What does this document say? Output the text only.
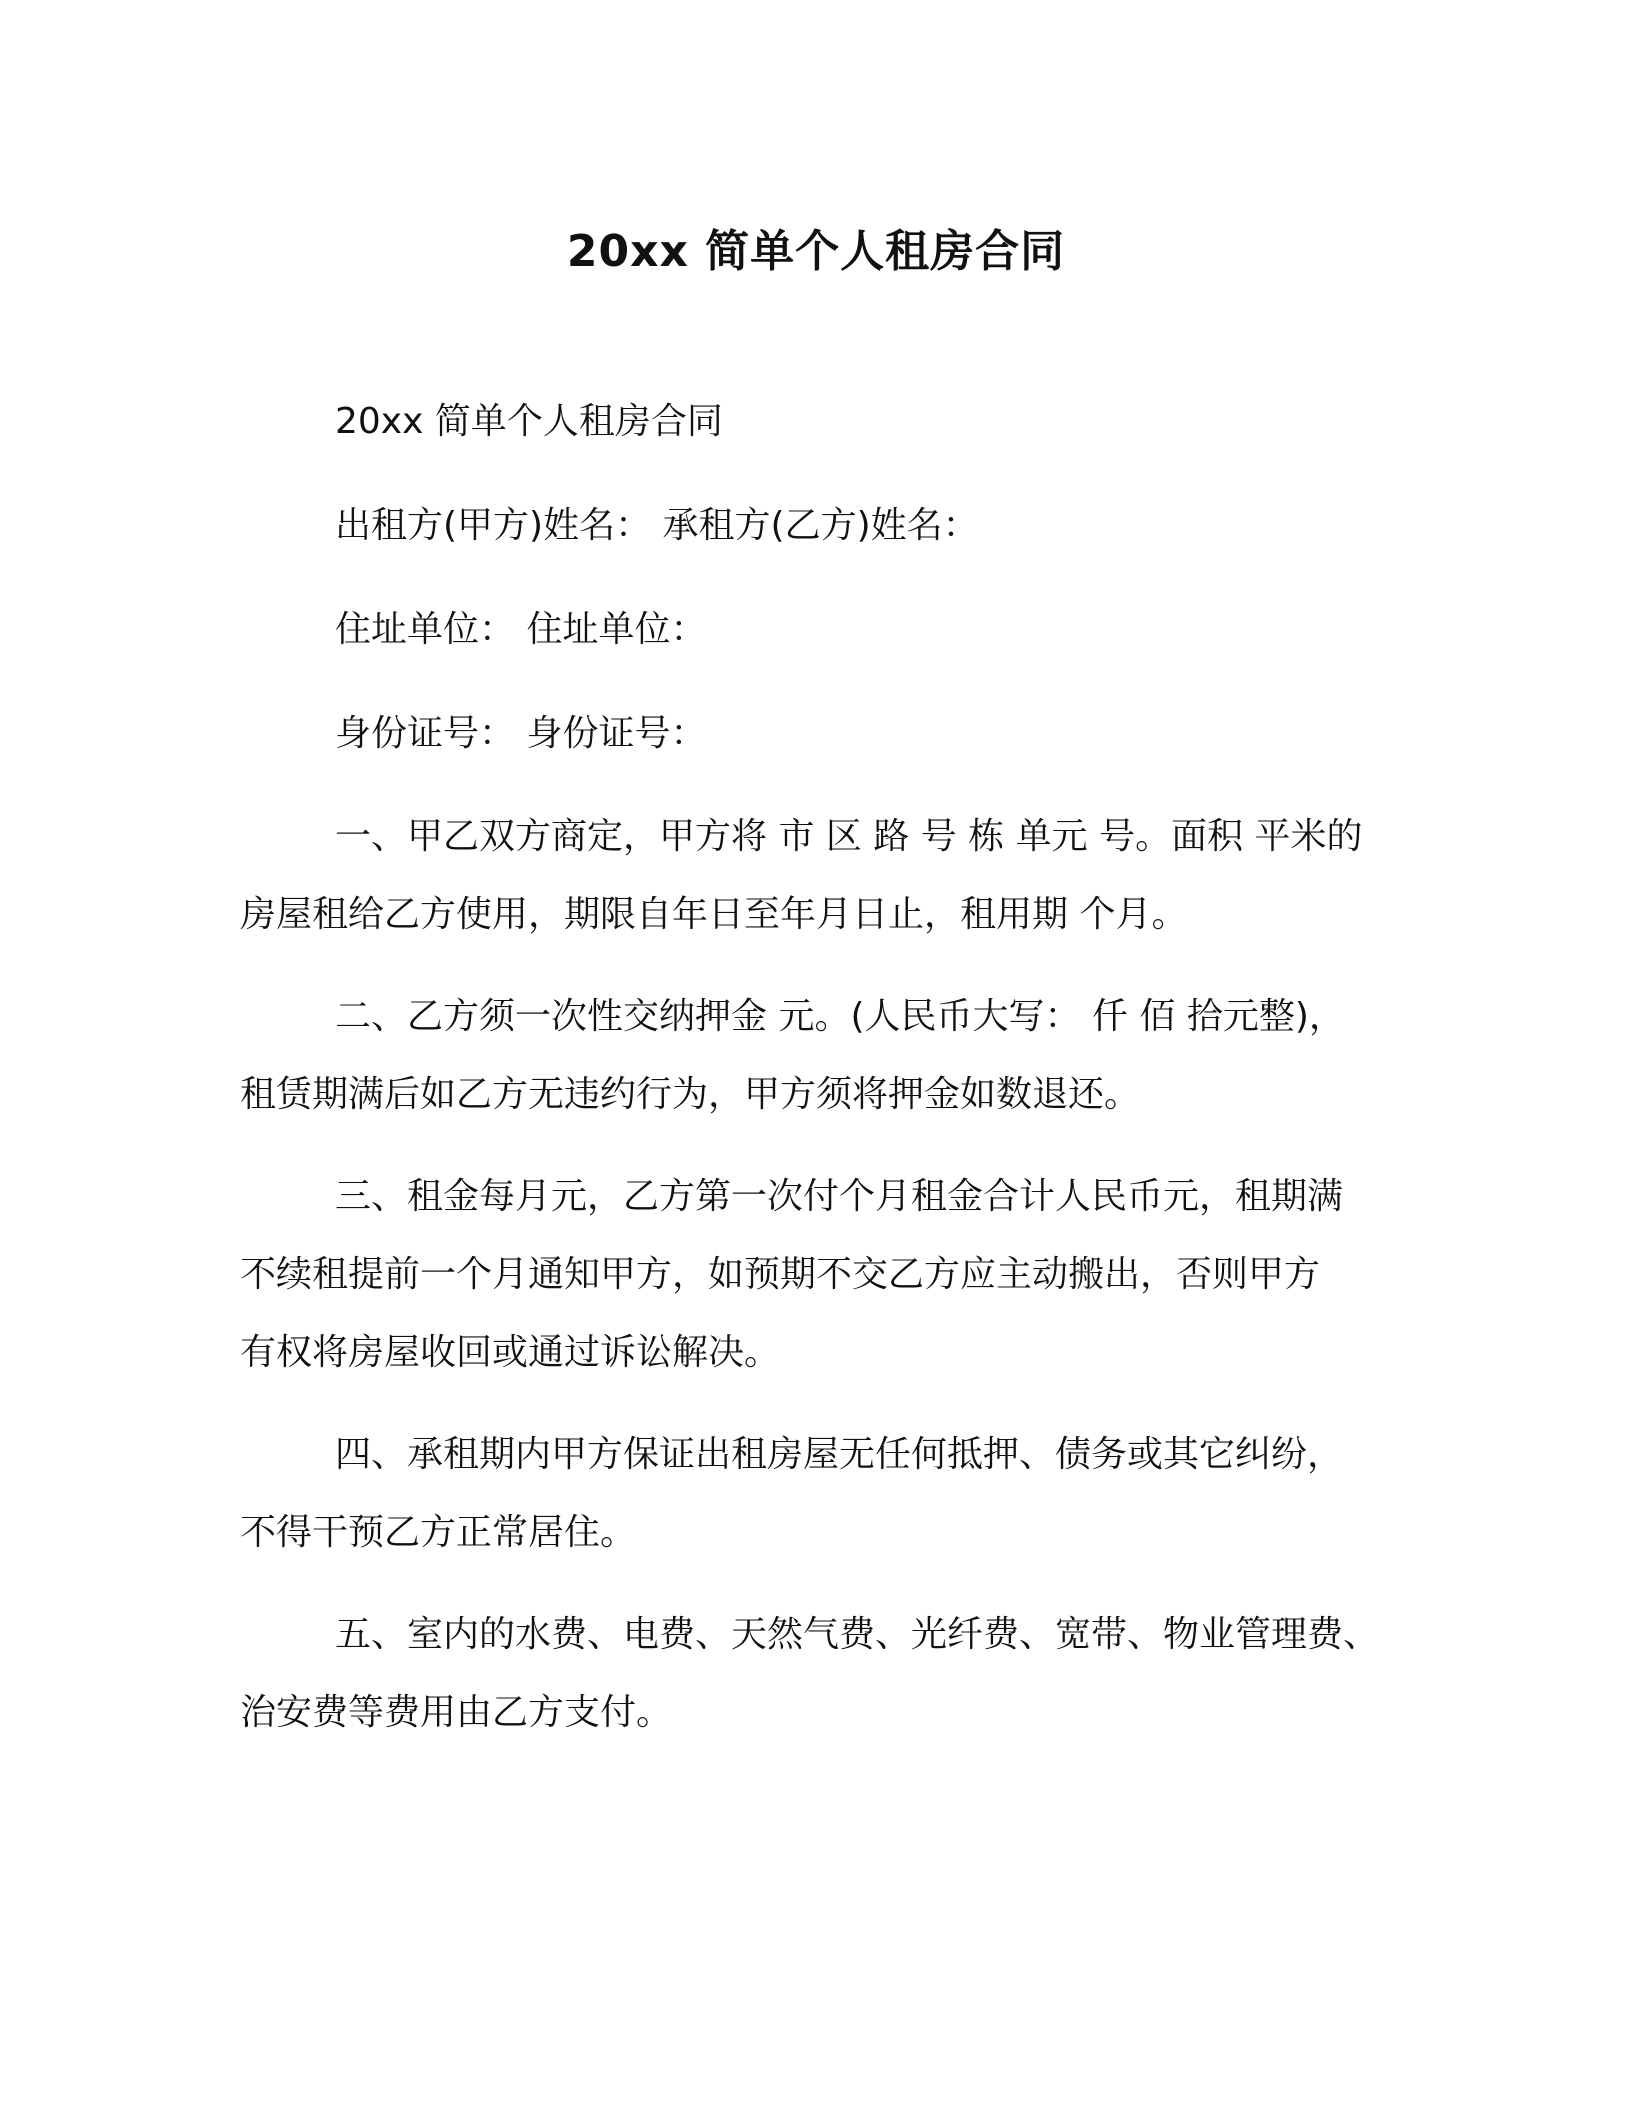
20xx 简单个人租房合同
20xx 简单个人租房合同
出租方(甲方)姓名： 承租方(乙方)姓名：
住址单位： 住址单位：
身份证号： 身份证号：
一、甲乙双方商定，甲方将 市 区 路 号 栋 单元 号。面积 平米的
房屋租给乙方使用，期限自年日至年月日止，租用期 个月。
二、乙方须一次性交纳押金 元。(人民币大写： 仟 佰 拾元整)，
租赁期满后如乙方无违约行为，甲方须将押金如数退还。
三、租金每月元，乙方第一次付个月租金合计人民币元，租期满
不续租提前一个月通知甲方，如预期不交乙方应主动搬出，否则甲方
有权将房屋收回或通过诉讼解决。
四、承租期内甲方保证出租房屋无任何抵押、债务或其它纠纷，
不得干预乙方正常居住。
五、室内的水费、电费、天然气费、光纤费、宽带、物业管理费、
治安费等费用由乙方支付。
